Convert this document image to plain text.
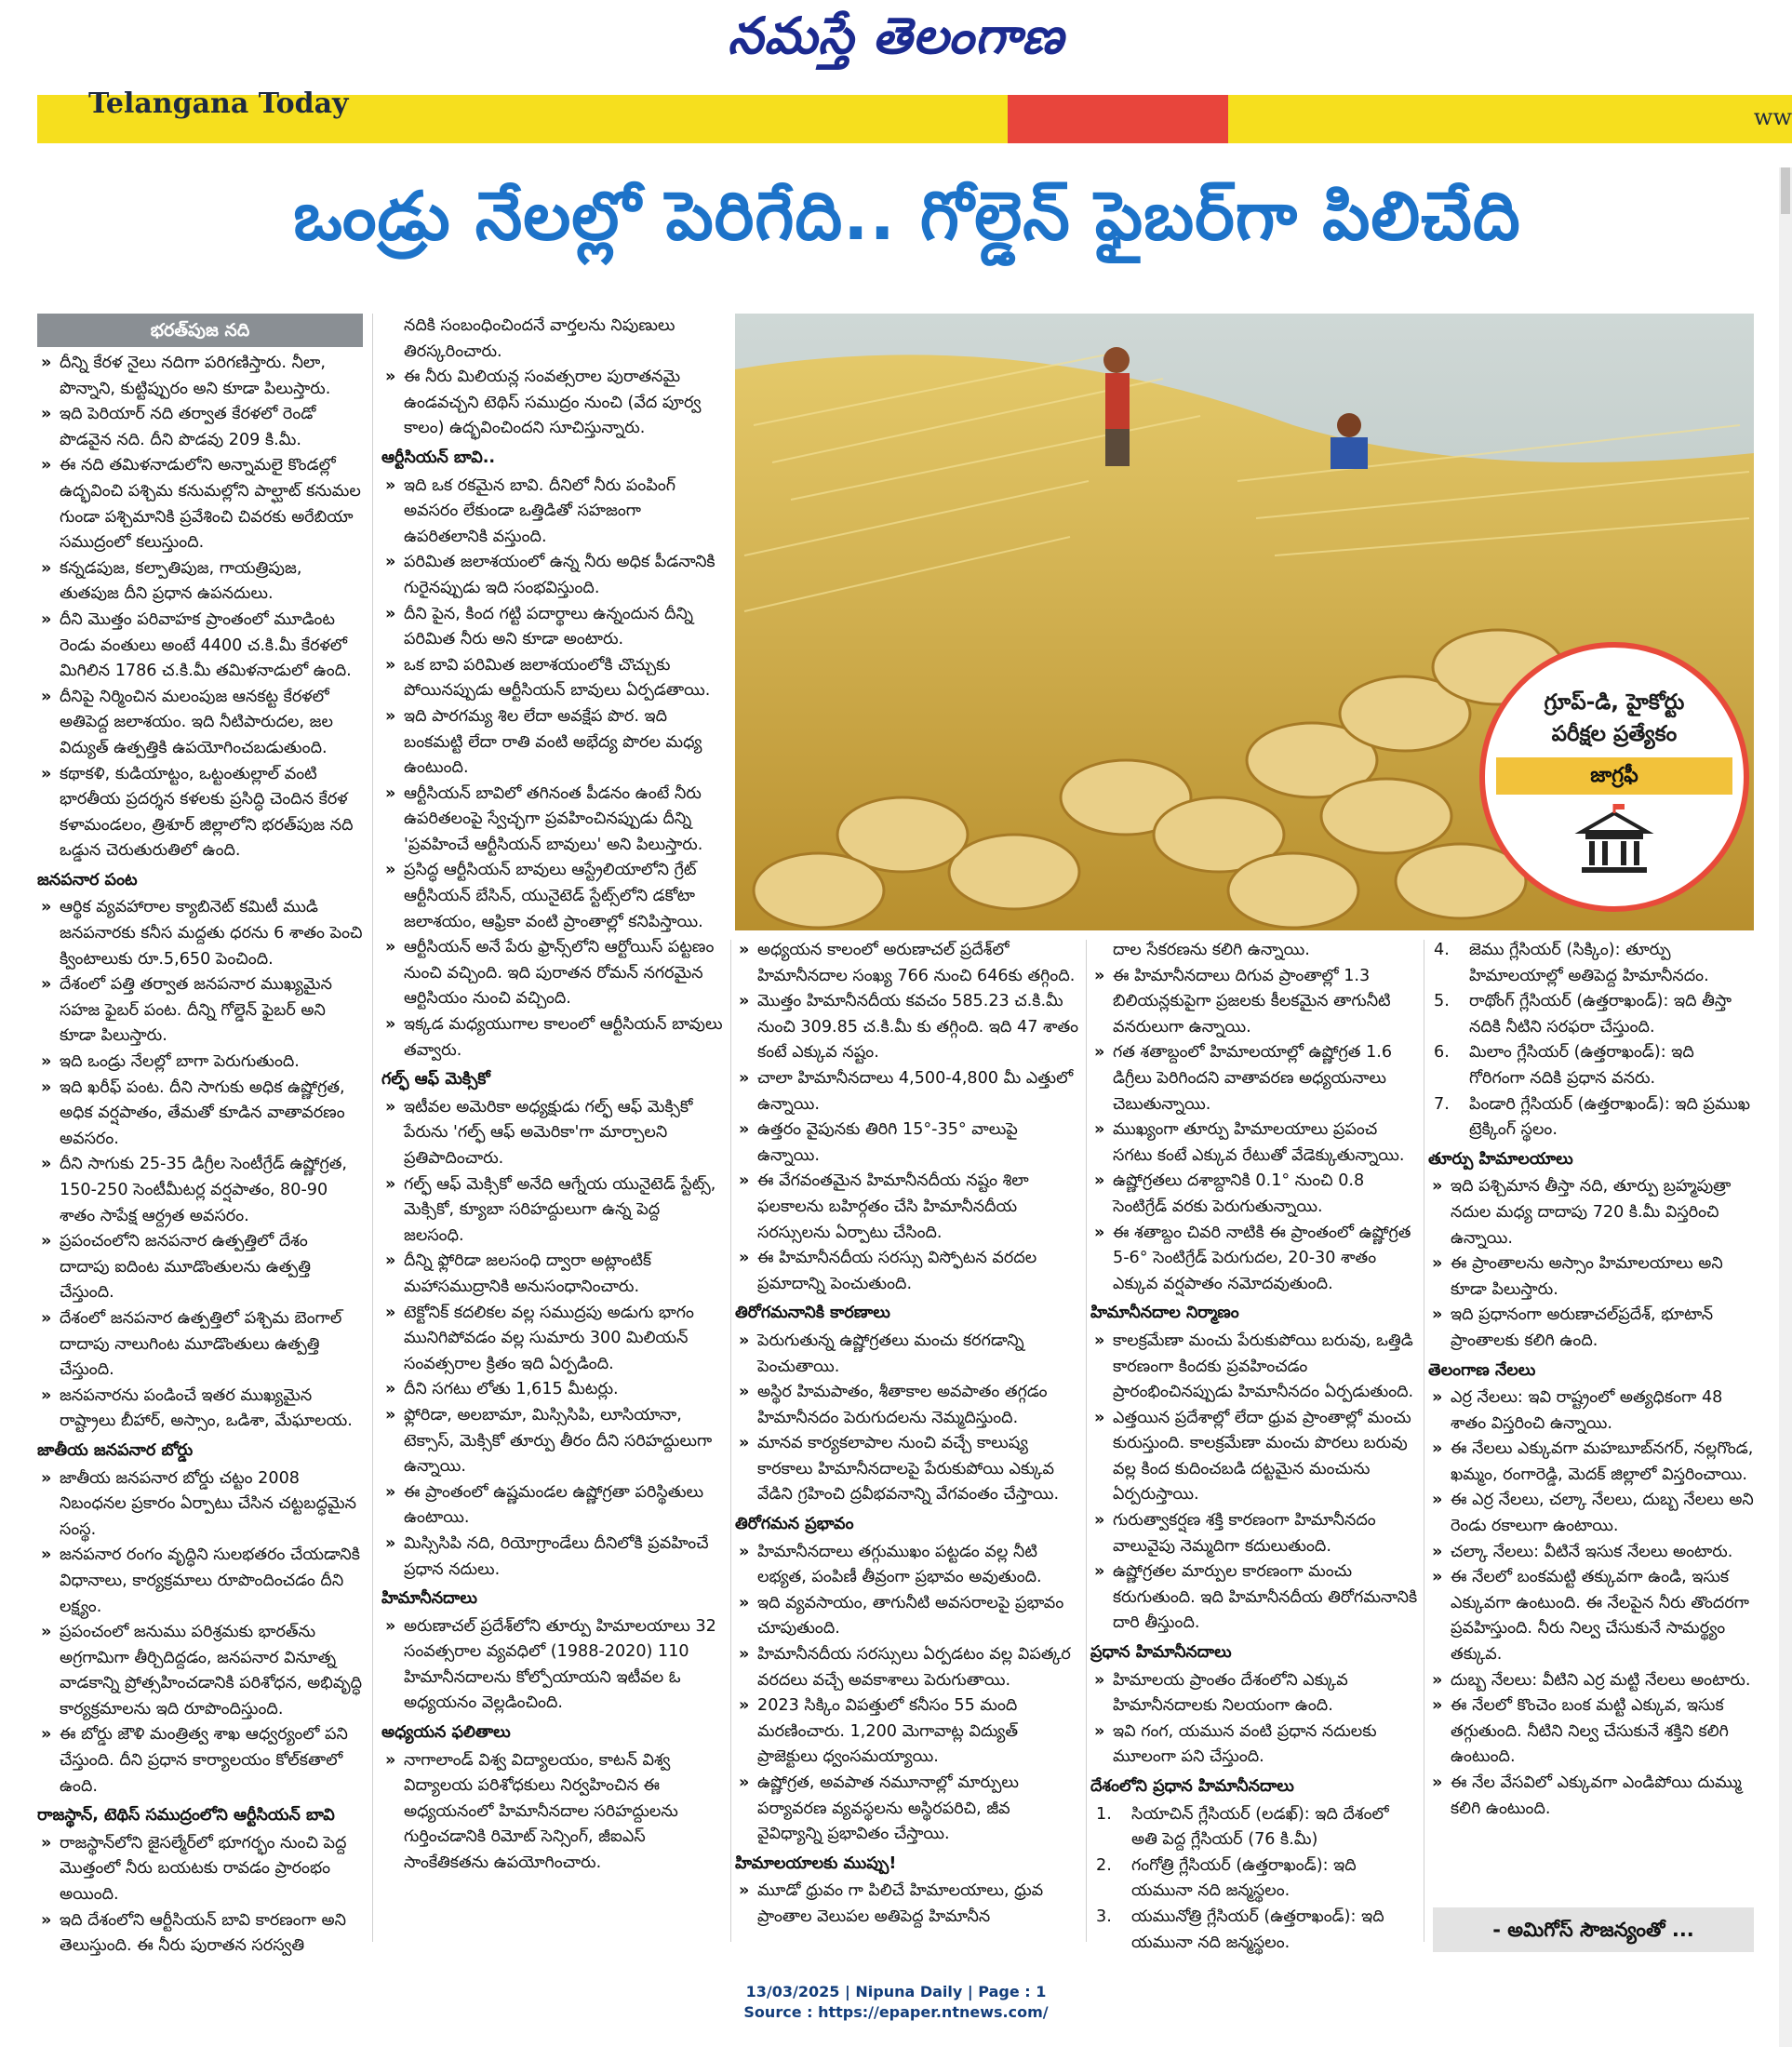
నమస్తే తెలంగాణ
Telangana Today	ww
ఒండ్రు నేలల్లో పెరిగేది.. గోల్డెన్ ఫైబర్‌గా పిలిచేది
భరత్‌పుజ నది
» దీన్ని కేరళ నైలు నదిగా పరిగణిస్తారు. నీలా, పొన్నాని, కుట్టిప్పురం అని కూడా పిలుస్తారు.
» ఇది పెరియార్ నది తర్వాత కేరళలో రెండో పొడవైన నది. దీని పొడవు 209 కి.మీ.
» ఈ నది తమిళనాడులోని అన్నామలై కొండల్లో ఉద్భవించి పశ్చిమ కనుమల్లోని పాల్ఘాట్ కనుమల గుండా పశ్చిమానికి ప్రవేశించి చివరకు అరేబియా సముద్రంలో కలుస్తుంది.
» కన్నడపుజ, కల్పాతిపుజ, గాయత్రిపుజ, తుతపుజ దీని ప్రధాన ఉపనదులు.
» దీని మొత్తం పరివాహక ప్రాంతంలో మూడింట రెండు వంతులు అంటే 4400 చ.కి.మీ కేరళలో మిగిలిన 1786 చ.కి.మీ తమిళనాడులో ఉంది.
» దీనిపై నిర్మించిన మలంపుజ ఆనకట్ట కేరళలో అతిపెద్ద జలాశయం. ఇది నీటిపారుదల, జల విద్యుత్ ఉత్పత్తికి ఉపయోగించబడుతుంది.
» కథాకళి, కుడియాట్టం, ఒట్టంతుల్లాల్ వంటి భారతీయ ప్రదర్శన కళలకు ప్రసిద్ధి చెందిన కేరళ కళామండలం, త్రిశూర్ జిల్లాలోని భరత్‌పుజ నది ఒడ్డున చెరుతురుతిలో ఉంది.
జనపనార పంట
» ఆర్థిక వ్యవహారాల క్యాబినెట్ కమిటీ ముడి జనపనారకు కనీస మద్దతు ధరను 6 శాతం పెంచి క్వింటాలుకు రూ.5,650 పెంచింది.
» దేశంలో పత్తి తర్వాత జనపనార ముఖ్యమైన సహజ ఫైబర్ పంట. దీన్ని గోల్డెన్ ఫైబర్ అని కూడా పిలుస్తారు.
» ఇది ఒండ్రు నేలల్లో బాగా పెరుగుతుంది.
» ఇది ఖరీఫ్ పంట. దీని సాగుకు అధిక ఉష్ణోగ్రత, అధిక వర్షపాతం, తేమతో కూడిన వాతావరణం అవసరం.
» దీని సాగుకు 25-35 డిగ్రీల సెంటీగ్రేడ్ ఉష్ణోగ్రత, 150-250 సెంటీమీటర్ల వర్షపాతం, 80-90 శాతం సాపేక్ష ఆర్ద్రత అవసరం.
» ప్రపంచంలోని జనపనార ఉత్పత్తిలో దేశం దాదాపు ఐదింట మూడొంతులను ఉత్పత్తి చేస్తుంది.
» దేశంలో జనపనార ఉత్పత్తిలో పశ్చిమ బెంగాల్ దాదాపు నాలుగింట మూడొంతులు ఉత్పత్తి చేస్తుంది.
» జనపనారను పండించే ఇతర ముఖ్యమైన రాష్ట్రాలు బీహార్, అస్సాం, ఒడిశా, మేఘాలయ.
జాతీయ జనపనార బోర్డు
» జాతీయ జనపనార బోర్డు చట్టం 2008 నిబంధనల ప్రకారం ఏర్పాటు చేసిన చట్టబద్ధమైన సంస్థ.
» జనపనార రంగం వృద్ధిని సులభతరం చేయడానికి విధానాలు, కార్యక్రమాలు రూపొందించడం దీని లక్ష్యం.
» ప్రపంచంలో జనుము పరిశ్రమకు భారత్‌ను అగ్రగామిగా తీర్చిదిద్దడం, జనపనార వినూత్న వాడకాన్ని ప్రోత్సహించడానికి పరిశోధన, అభివృద్ధి కార్యక్రమాలను ఇది రూపొందిస్తుంది.
» ఈ బోర్డు జౌళి మంత్రిత్వ శాఖ ఆధ్వర్యంలో పని చేస్తుంది. దీని ప్రధాన కార్యాలయం కోల్‌కతాలో ఉంది.
రాజస్థాన్, టెథిస్ సముద్రంలోని ఆర్టీసియన్ బావి
» రాజస్థాన్‌లోని జైసల్మేర్‌లో భూగర్భం నుంచి పెద్ద మొత్తంలో నీరు బయటకు రావడం ప్రారంభం అయింది.
» ఇది దేశంలోని ఆర్టీసియన్ బావి కారణంగా అని తెలుస్తుంది. ఈ నీరు పురాతన సరస్వతి
నదికి సంబంధించిందనే వార్తలను నిపుణులు తిరస్కరించారు.
» ఈ నీరు మిలియన్ల సంవత్సరాల పురాతనమై ఉండవచ్చని టెథిస్ సముద్రం నుంచి (వేద పూర్వ కాలం) ఉద్భవించిందని సూచిస్తున్నారు.
ఆర్టీసియన్ బావి..
» ఇది ఒక రకమైన బావి. దీనిలో నీరు పంపింగ్ అవసరం లేకుండా ఒత్తిడితో సహజంగా ఉపరితలానికి వస్తుంది.
» పరిమిత జలాశయంలో ఉన్న నీరు అధిక పీడనానికి గురైనప్పుడు ఇది సంభవిస్తుంది.
» దీని పైన, కింద గట్టి పదార్థాలు ఉన్నందున దీన్ని పరిమిత నీరు అని కూడా అంటారు.
» ఒక బావి పరిమిత జలాశయంలోకి చొచ్చుకు పోయినప్పుడు ఆర్టీసియన్ బావులు ఏర్పడతాయి.
» ఇది పారగమ్య శిల లేదా అవక్షేప పొర. ఇది బంకమట్టి లేదా రాతి వంటి అభేద్య పొరల మధ్య ఉంటుంది.
» ఆర్టీసియన్ బావిలో తగినంత పీడనం ఉంటే నీరు ఉపరితలంపై స్వేచ్ఛగా ప్రవహించినప్పుడు దీన్ని 'ప్రవహించే ఆర్టీసియన్ బావులు' అని పిలుస్తారు.
» ప్రసిద్ధ ఆర్టీసియన్ బావులు ఆస్ట్రేలియాలోని గ్రేట్ ఆర్టీసియన్ బేసిన్, యునైటెడ్ స్టేట్స్‌లోని డకోటా జలాశయం, ఆఫ్రికా వంటి ప్రాంతాల్లో కనిపిస్తాయి.
» ఆర్టీసియన్ అనే పేరు ఫ్రాన్స్‌లోని ఆర్టోయిస్ పట్టణం నుంచి వచ్చింది. ఇది పురాతన రోమన్ నగరమైన ఆర్టిసియం నుంచి వచ్చింది.
» ఇక్కడ మధ్యయుగాల కాలంలో ఆర్టీసియన్ బావులు తవ్వారు.
గల్ఫ్ ఆఫ్ మెక్సికో
» ఇటీవల అమెరికా అధ్యక్షుడు గల్ఫ్ ఆఫ్ మెక్సికో పేరును 'గల్ఫ్ ఆఫ్ అమెరికా'గా మార్చాలని ప్రతిపాదించారు.
» గల్ఫ్ ఆఫ్ మెక్సికో అనేది ఆగ్నేయ యునైటెడ్ స్టేట్స్, మెక్సికో, క్యూబా సరిహద్దులుగా ఉన్న పెద్ద జలసంధి.
» దీన్ని ఫ్లోరిడా జలసంధి ద్వారా అట్లాంటిక్ మహాసముద్రానికి అనుసంధానించారు.
» టెక్టోనిక్ కదలికల వల్ల సముద్రపు అడుగు భాగం మునిగిపోవడం వల్ల సుమారు 300 మిలియన్ సంవత్సరాల క్రితం ఇది ఏర్పడింది.
» దీని సగటు లోతు 1,615 మీటర్లు.
» ఫ్లోరిడా, అలబామా, మిస్సిసిపి, లూసియానా, టెక్సాస్, మెక్సికో తూర్పు తీరం దీని సరిహద్దులుగా ఉన్నాయి.
» ఈ ప్రాంతంలో ఉష్ణమండల ఉష్ణోగ్రతా పరిస్థితులు ఉంటాయి.
» మిస్సిసిపి నది, రియోగ్రాండేలు దీనిలోకి ప్రవహించే ప్రధాన నదులు.
హిమానీనదాలు
» అరుణాచల్ ప్రదేశ్‌లోని తూర్పు హిమాలయాలు 32 సంవత్సరాల వ్యవధిలో (1988-2020) 110 హిమానీనదాలను కోల్పోయాయని ఇటీవల ఓ అధ్యయనం వెల్లడించింది.
అధ్యయన ఫలితాలు
» నాగాలాండ్ విశ్వ విద్యాలయం, కాటన్ విశ్వ విద్యాలయ పరిశోధకులు నిర్వహించిన ఈ అధ్యయనంలో హిమానీనదాల సరిహద్దులను గుర్తించడానికి రిమోట్ సెన్సింగ్, జీఐఎస్ సాంకేతికతను ఉపయోగించారు.
గ్రూప్-డి, హైకోర్టు
పరీక్షల ప్రత్యేకం
జాగ్రఫీ
» అధ్యయన కాలంలో అరుణాచల్ ప్రదేశ్‌లో హిమానీనదాల సంఖ్య 766 నుంచి 646కు తగ్గింది.
» మొత్తం హిమానీనదీయ కవచం 585.23 చ.కి.మీ నుంచి 309.85 చ.కి.మీ కు తగ్గింది. ఇది 47 శాతం కంటే ఎక్కువ నష్టం.
» చాలా హిమానీనదాలు 4,500-4,800 మీ ఎత్తులో ఉన్నాయి.
» ఉత్తరం వైపునకు తిరిగి 15°-35° వాలుపై ఉన్నాయి.
» ఈ వేగవంతమైన హిమానీనదీయ నష్టం శిలా ఫలకాలను బహిర్గతం చేసి హిమానీనదీయ సరస్సులను ఏర్పాటు చేసింది.
» ఈ హిమానీనదీయ సరస్సు విస్ఫోటన వరదల ప్రమాదాన్ని పెంచుతుంది.
తిరోగమనానికి కారణాలు
» పెరుగుతున్న ఉష్ణోగ్రతలు మంచు కరగడాన్ని పెంచుతాయి.
» అస్థిర హిమపాతం, శీతాకాల అవపాతం తగ్గడం హిమానీనదం పెరుగుదలను నెమ్మదిస్తుంది.
» మానవ కార్యకలాపాల నుంచి వచ్చే కాలుష్య కారకాలు హిమానీనదాలపై పేరుకుపోయి ఎక్కువ వేడిని గ్రహించి ద్రవీభవనాన్ని వేగవంతం చేస్తాయి.
తిరోగమన ప్రభావం
» హిమానీనదాలు తగ్గుముఖం పట్టడం వల్ల నీటి లభ్యత, పంపిణీ తీవ్రంగా ప్రభావం అవుతుంది.
» ఇది వ్యవసాయం, తాగునీటి అవసరాలపై ప్రభావం చూపుతుంది.
» హిమానీనదీయ సరస్సులు ఏర్పడటం వల్ల విపత్కర వరదలు వచ్చే అవకాశాలు పెరుగుతాయి.
» 2023 సిక్కిం విపత్తులో కనీసం 55 మంది మరణించారు. 1,200 మెగావాట్ల విద్యుత్ ప్రాజెక్టులు ధ్వంసమయ్యాయి.
» ఉష్ణోగ్రత, అవపాత నమూనాల్లో మార్పులు పర్యావరణ వ్యవస్థలను అస్థిరపరిచి, జీవ వైవిధ్యాన్ని ప్రభావితం చేస్తాయి.
హిమాలయాలకు ముప్పు!
» మూడో ధ్రువం గా పిలిచే హిమాలయాలు, ధ్రువ ప్రాంతాల వెలుపల అతిపెద్ద హిమానీన
దాల సేకరణను కలిగి ఉన్నాయి.
» ఈ హిమానీనదాలు దిగువ ప్రాంతాల్లో 1.3 బిలియన్లకుపైగా ప్రజలకు కీలకమైన తాగునీటి వనరులుగా ఉన్నాయి.
» గత శతాబ్దంలో హిమాలయాల్లో ఉష్ణోగ్రత 1.6 డిగ్రీలు పెరిగిందని వాతావరణ అధ్యయనాలు చెబుతున్నాయి.
» ముఖ్యంగా తూర్పు హిమాలయాలు ప్రపంచ సగటు కంటే ఎక్కువ రేటుతో వేడెక్కుతున్నాయి.
» ఉష్ణోగ్రతలు దశాబ్దానికి 0.1° నుంచి 0.8 సెంటిగ్రేడ్ వరకు పెరుగుతున్నాయి.
» ఈ శతాబ్దం చివరి నాటికి ఈ ప్రాంతంలో ఉష్ణోగ్రత 5-6° సెంటిగ్రేడ్ పెరుగుదల, 20-30 శాతం ఎక్కువ వర్షపాతం నమోదవుతుంది.
హిమానీనదాల నిర్మాణం
» కాలక్రమేణా మంచు పేరుకుపోయి బరువు, ఒత్తిడి కారణంగా కిందకు ప్రవహించడం ప్రారంభించినప్పుడు హిమానీనదం ఏర్పడుతుంది.
» ఎత్తయిన ప్రదేశాల్లో లేదా ధ్రువ ప్రాంతాల్లో మంచు కురుస్తుంది. కాలక్రమేణా మంచు పొరలు బరువు వల్ల కింద కుదించబడి దట్టమైన మంచును ఏర్పరుస్తాయి.
» గురుత్వాకర్షణ శక్తి కారణంగా హిమానీనదం వాలువైపు నెమ్మదిగా కదులుతుంది.
» ఉష్ణోగ్రతల మార్పుల కారణంగా మంచు కరుగుతుంది. ఇది హిమానీనదీయ తిరోగమనానికి దారి తీస్తుంది.
ప్రధాన హిమానీనదాలు
» హిమాలయ ప్రాంతం దేశంలోని ఎక్కువ హిమానీనదాలకు నిలయంగా ఉంది.
» ఇవి గంగ, యమున వంటి ప్రధాన నదులకు మూలంగా పని చేస్తుంది.
దేశంలోని ప్రధాన హిమానీనదాలు
1. సియాచిన్ గ్లేసియర్ (లడఖ్): ఇది దేశంలో అతి పెద్ద గ్లేసియర్ (76 కి.మీ)
2. గంగోత్రి గ్లేసియర్ (ఉత్తరాఖండ్): ఇది యమునా నది జన్మస్థలం.
3. యమునోత్రి గ్లేసియర్ (ఉత్తరాఖండ్): ఇది యమునా నది జన్మస్థలం.
4. జెము గ్లేసియర్ (సిక్కిం): తూర్పు హిమాలయాల్లో అతిపెద్ద హిమానీనదం.
5. రాథోంగ్ గ్లేసియర్ (ఉత్తరాఖండ్): ఇది తీస్తా నదికి నీటిని సరఫరా చేస్తుంది.
6. మిలాం గ్లేసియర్ (ఉత్తరాఖండ్): ఇది గోరిగంగా నదికి ప్రధాన వనరు.
7. పిండారి గ్లేసియర్ (ఉత్తరాఖండ్): ఇది ప్రముఖ ట్రెక్కింగ్ స్థలం.
తూర్పు హిమాలయాలు
» ఇది పశ్చిమాన తీస్తా నది, తూర్పు బ్రహ్మపుత్రా నదుల మధ్య దాదాపు 720 కి.మీ విస్తరించి ఉన్నాయి.
» ఈ ప్రాంతాలను అస్సాం హిమాలయాలు అని కూడా పిలుస్తారు.
» ఇది ప్రధానంగా అరుణాచల్‌ప్రదేశ్, భూటాన్ ప్రాంతాలకు కలిగి ఉంది.
తెలంగాణ నేలలు
» ఎర్ర నేలలు: ఇవి రాష్ట్రంలో అత్యధికంగా 48 శాతం విస్తరించి ఉన్నాయి.
» ఈ నేలలు ఎక్కువగా మహబూబ్‌నగర్, నల్లగొండ, ఖమ్మం, రంగారెడ్డి, మెదక్ జిల్లాలో విస్తరించాయి.
» ఈ ఎర్ర నేలలు, చల్కా నేలలు, దుబ్బ నేలలు అని రెండు రకాలుగా ఉంటాయి.
» చల్కా నేలలు: వీటినే ఇసుక నేలలు అంటారు.
» ఈ నేలలో బంకమట్టి తక్కువగా ఉండి, ఇసుక ఎక్కువగా ఉంటుంది. ఈ నేలపైన నీరు తొందరగా ప్రవహిస్తుంది. నీరు నిల్వ చేసుకునే సామర్థ్యం తక్కువ.
» దుబ్బ నేలలు: వీటిని ఎర్ర మట్టి నేలలు అంటారు.
» ఈ నేలలో కొంచెం బంక మట్టి ఎక్కువ, ఇసుక తగ్గుతుంది. నీటిని నిల్వ చేసుకునే శక్తిని కలిగి ఉంటుంది.
» ఈ నేల వేసవిలో ఎక్కువగా ఎండిపోయి దుమ్ము కలిగి ఉంటుంది.
- అమిగోస్ సౌజన్యంతో ...
13/03/2025 | Nipuna Daily | Page : 1
Source : https://epaper.ntnews.com/
